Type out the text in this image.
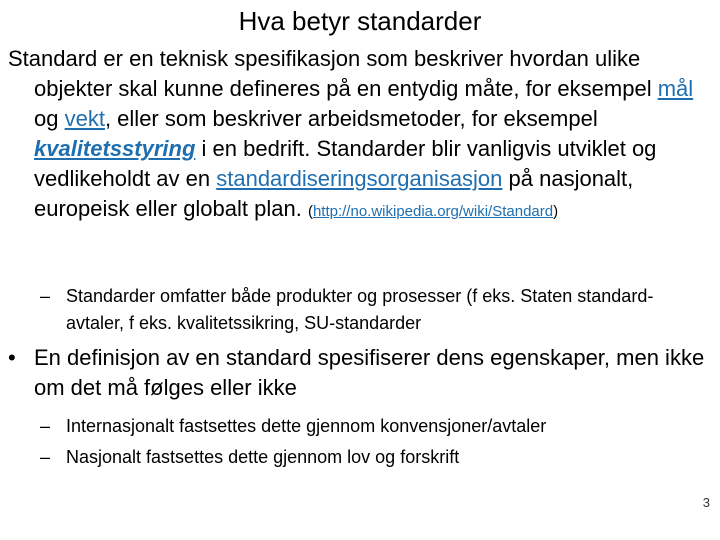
Hva betyr standarder
Standard er en teknisk spesifikasjon som beskriver hvordan ulike objekter skal kunne defineres på en entydig måte, for eksempel mål og vekt, eller som beskriver arbeidsmetoder, for eksempel kvalitetsstyring i en bedrift. Standarder blir vanligvis utviklet og vedlikeholdt av en standardiseringsorganisasjon på nasjonalt, europeisk eller globalt plan. (http://no.wikipedia.org/wiki/Standard)
– Standarder omfatter både produkter og prosesser (f eks. Staten standard-avtaler, f eks. kvalitetssikring, SU-standarder
• En definisjon av en standard spesifiserer dens egenskaper, men ikke om det må følges eller ikke
– Internasjonalt fastsettes dette gjennom konvensjoner/avtaler
– Nasjonalt fastsettes dette gjennom lov og forskrift
3
